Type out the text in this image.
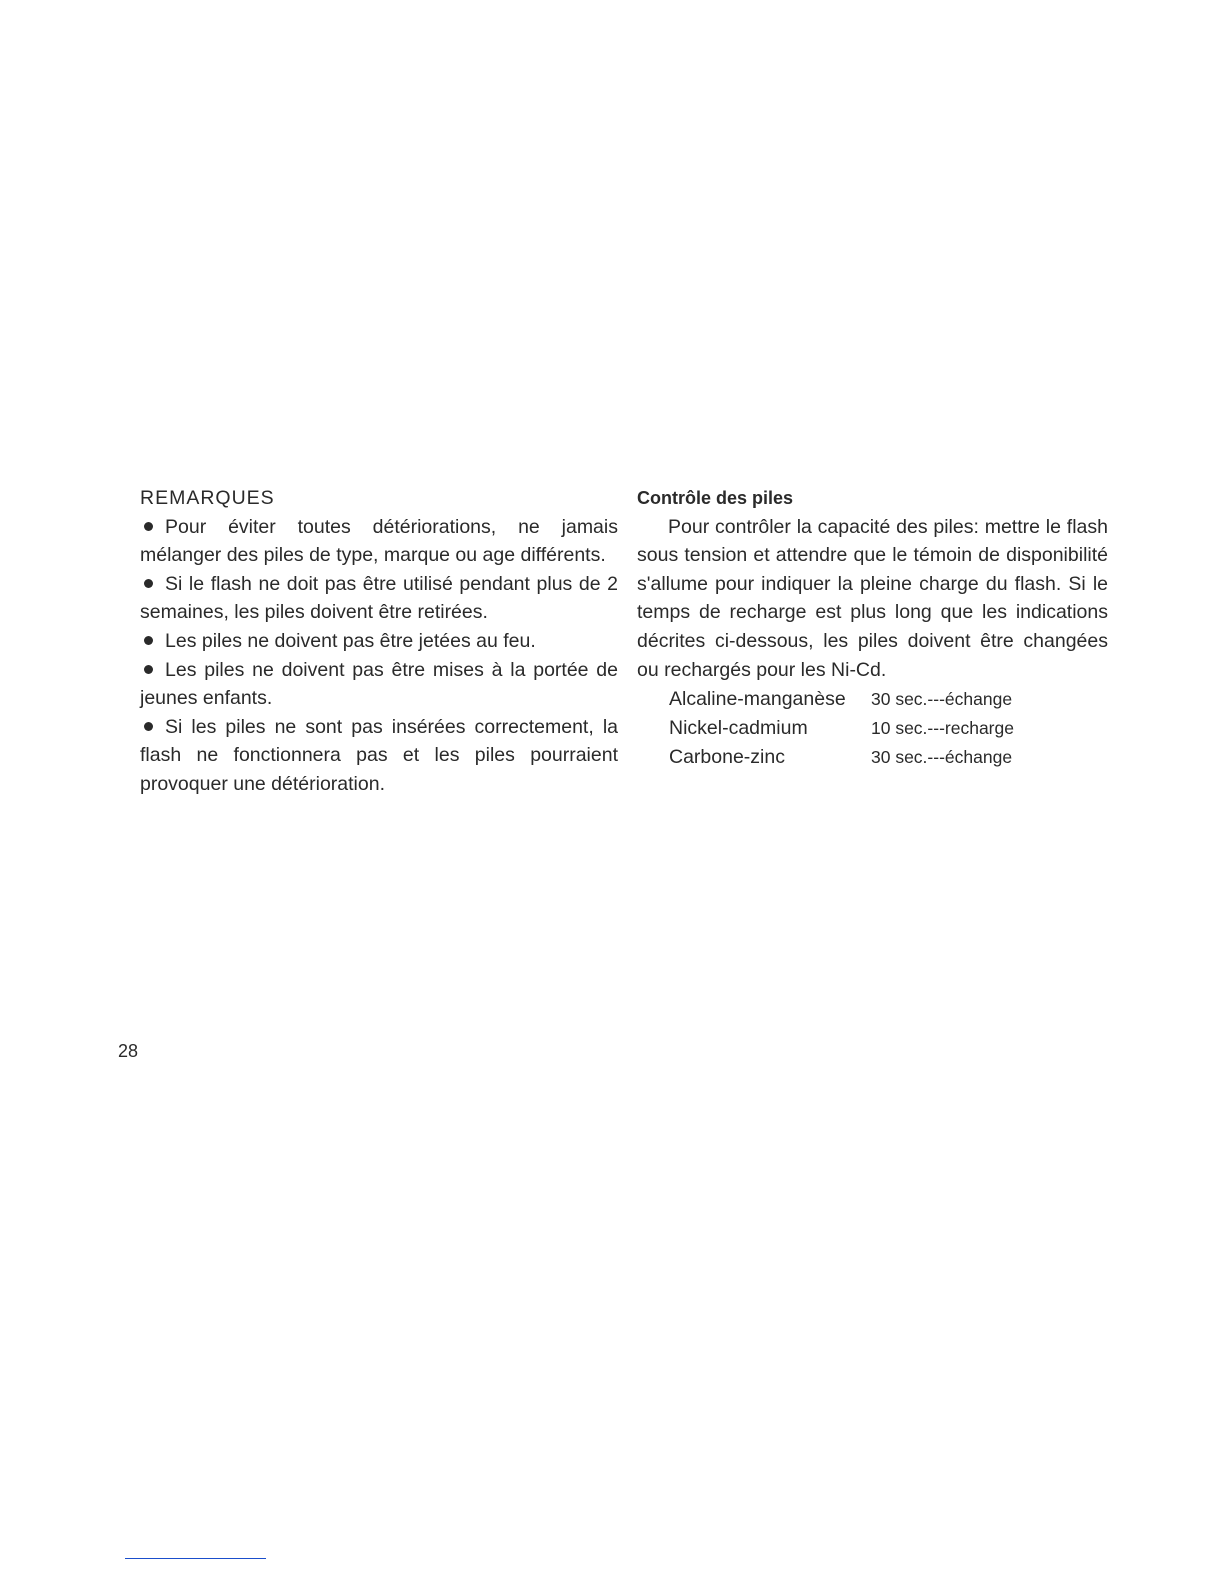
REMARQUES
Pour éviter toutes détériorations, ne jamais mélanger des piles de type, marque ou age différents.
Si le flash ne doit pas être utilisé pendant plus de 2 semaines, les piles doivent être retirées.
Les piles ne doivent pas être jetées au feu.
Les piles ne doivent pas être mises à la portée de jeunes enfants.
Si les piles ne sont pas insérées correctement, la flash ne fonctionnera pas et les piles pourraient provoquer une détérioration.
Contrôle des piles
Pour contrôler la capacité des piles: mettre le flash sous tension et attendre que le témoin de disponibilité s'allume pour indiquer la pleine charge du flash. Si le temps de recharge est plus long que les indications décrites ci-dessous, les piles doivent être changées ou rechargés pour les Ni-Cd.
Alcaline-manganèse	30 sec.---échange
Nickel-cadmium	10 sec.---recharge
Carbone-zinc	30 sec.---échange
28
